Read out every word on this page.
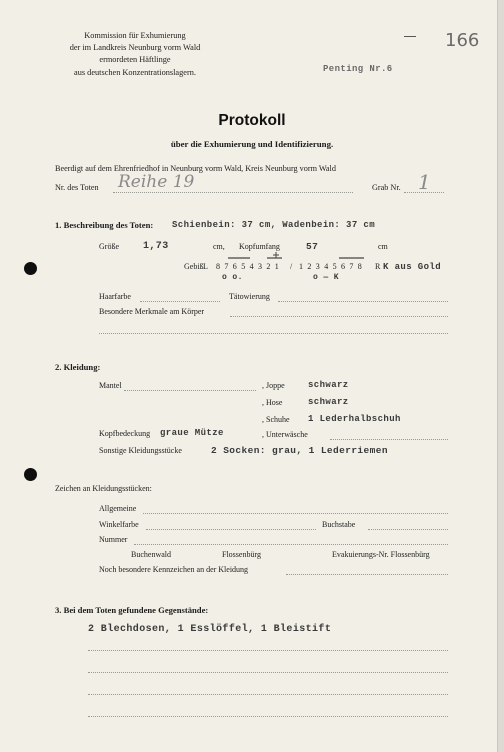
Kommission für Exhumierung
der im Landkreis Neunburg vorm Wald
ermordeten Häftlinge
aus deutschen Konzentrationslagern.
166
Penting Nr.6
Protokoll
über die Exhumierung und Identifizierung.
Beerdigt auf dem Ehrenfriedhof in Neunburg vorm Wald, Kreis Neunburg vorm Wald
Nr. des Toten Reihe 19	Grab Nr. 1
1. Beschreibung des Toten: Schienbein: 37 cm, Wadenbein: 37 cm
Größe 1,73	cm, Kopfumfang	57	cm
Gebiß L 8 7 6 5 4 3 2 1 / 1 2 3 4 5 6 7 8 R K aus Gold
o o.	o — K
Haarfarbe	Tätowierung
Besondere Merkmale am Körper
2. Kleidung:
Mantel	, Joppe	schwarz
, Hose	schwarz
, Schuhe 1 Lederhalbschuh
Kopfbedeckung graue Mütze	, Unterwäsche
Sonstige Kleidungsstücke	2 Socken: grau, 1 Lederriemen
Zeichen an Kleidungsstücken:
Allgemeine
Winkelfarbe	Buchstabe
Nummer
Buchenwald	Flossenbürg	Evakuierungs-Nr. Flossenbürg
Noch besondere Kennzeichen an der Kleidung
3. Bei dem Toten gefundene Gegenstände:
2 Blechdosen, 1 Esslöffel, 1 Bleistift
